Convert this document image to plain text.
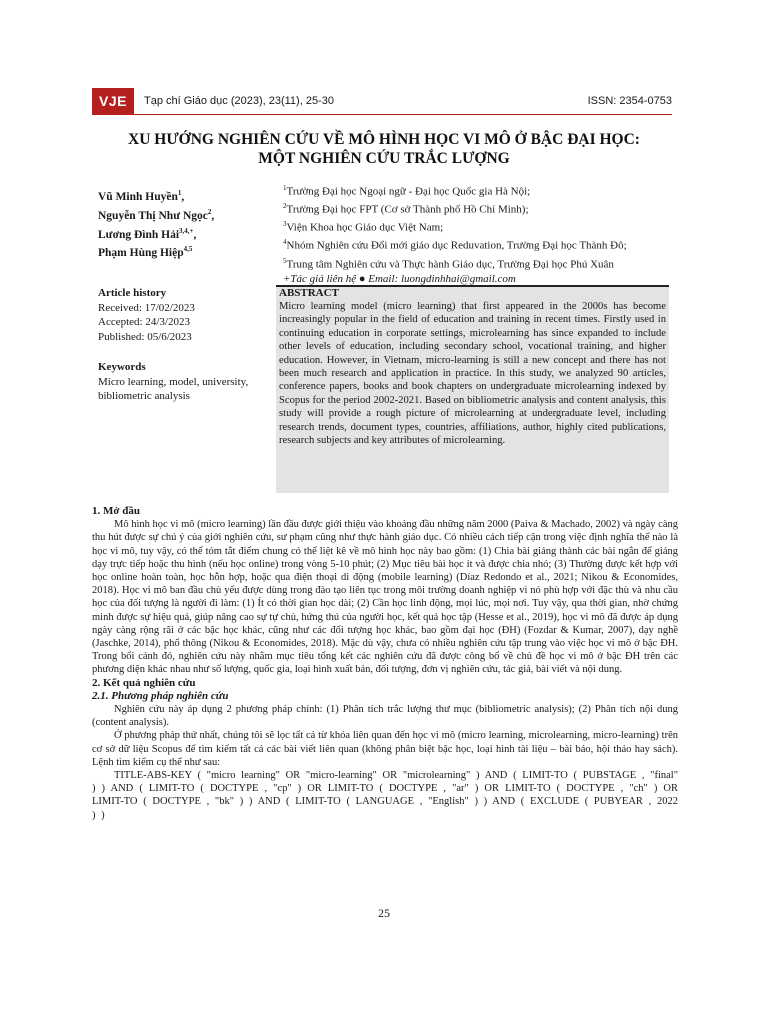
VJE	Tạp chí Giáo dục (2023), 23(11), 25-30	ISSN: 2354-0753
XU HƯỚNG NGHIÊN CỨU VỀ MÔ HÌNH HỌC VI MÔ Ở BẬC ĐẠI HỌC:
MỘT NGHIÊN CỨU TRẮC LƯỢNG
Vũ Minh Huyền$^1$,
Nguyễn Thị Như Ngọc$^2$,
Lương Đình Hải$^{3,4,+}$,
Phạm Hùng Hiệp$^{4,5}$
$^1$Trường Đại học Ngoại ngữ - Đại học Quốc gia Hà Nội;
$^2$Trường Đại học FPT (Cơ sở Thành phố Hồ Chí Minh);
$^3$Viện Khoa học Giáo dục Việt Nam;
$^4$Nhóm Nghiên cứu Đổi mới giáo dục Reduvation, Trường Đại học Thành Đô;
$^5$Trung tâm Nghiên cứu và Thực hành Giáo dục, Trường Đại học Phú Xuân
+Tác giả liên hệ ● Email: luongdinhhai@gmail.com
Article history
Received: 17/02/2023
Accepted: 24/3/2023
Published: 05/6/2023
Keywords
Micro learning, model, university, bibliometric analysis
ABSTRACT

Micro learning model (micro learning) that first appeared in the 2000s has become increasingly popular in the field of education and training in recent times. Firstly used in continuing education in corporate settings, microlearning has since expanded to include other levels of education, including secondary school, vocational training, and higher education. However, in Vietnam, micro-learning is still a new concept and there has not been much research and application in practice. In this study, we analyzed 90 articles, conference papers, books and book chapters on undergraduate microlearning indexed by Scopus for the period 2002-2021. Based on bibliometric analysis and content analysis, this study will provide a rough picture of microlearning at undergraduate level, including research trends, document types, countries, affiliations, author, highly cited publications, research subjects and key attributes of microlearning.

1. Mở đầu

Mô hình học vi mô (micro learning) lần đầu được giới thiệu vào khoảng đầu những năm 2000 (Paiva & Machado, 2002) và ngày càng thu hút được sự chú ý của giới nghiên cứu, sư phạm cũng như thực hành giáo dục. Có nhiều cách tiếp cận trong việc định nghĩa thế nào là học vi mô, tuy vậy, có thể tóm tắt điểm chung có thể liệt kê về mô hình học này bao gồm: (1) Chia bài giảng thành các bài ngắn để giảng dạy trực tiếp hoặc thu hình (nếu học online) trong vòng 5-10 phút; (2) Mục tiêu bài học ít và được chia nhỏ; (3) Thường được kết hợp với học online hoàn toàn, học hỗn hợp, hoặc qua điện thoại di động (mobile learning) (Díaz Redondo et al., 2021; Nikou & Economides, 2018). Học vi mô ban đầu chủ yếu được dùng trong đào tạo liên tục trong môi trường doanh nghiệp vì nó phù hợp với đặc thù và nhu cầu học của đối tượng là người đi làm: (1) Ít có thời gian học dài; (2) Cần học linh động, mọi lúc, mọi nơi. Tuy vậy, qua thời gian, nhờ chứng minh được sự hiệu quả, giúp nâng cao sự tự chủ, hứng thú của người học, kết quả học tập (Hesse et al., 2019), học vi mô đã được áp dụng ngày càng rộng rãi ở các bậc học khác, cũng như các đối tượng học khác, bao gồm đại học (ĐH) (Fozdar & Kumar, 2007), dạy nghề (Jaschke, 2014), phổ thông (Nikou & Economides, 2018). Mặc dù vậy, chưa có nhiều nghiên cứu tập trung vào việc học vi mô ở bậc ĐH. Trong bối cảnh đó, nghiên cứu này nhằm mục tiêu tổng kết các nghiên cứu đã được công bố về chủ đề học vi mô ở bậc ĐH trên các phương diện khác nhau như số lượng, quốc gia, loại hình xuất bản, đối tượng, đơn vị nghiên cứu, tác giả, bài viết và nội dung.

2. Kết quả nghiên cứu
2.1. Phương pháp nghiên cứu

Nghiên cứu này áp dụng 2 phương pháp chính: (1) Phân tích trắc lượng thư mục (bibliometric analysis); (2) Phân tích nội dung (content analysis).

Ở phương pháp thứ nhất, chúng tôi sẽ lọc tất cả từ khóa liên quan đến học vi mô (micro learning, microlearning, micro-learning) trên cơ sở dữ liệu Scopus để tìm kiếm tất cả các bài viết liên quan (không phân biệt bậc học, loại hình tài liệu – bài báo, hội thảo hay sách). Lệnh tìm kiếm cụ thể như sau:

TITLE-ABS-KEY ( "micro learning" OR "micro-learning" OR "microlearning" ) AND ( LIMIT-TO ( PUBSTAGE , "final" ) ) AND ( LIMIT-TO ( DOCTYPE , "cp" ) OR LIMIT-TO ( DOCTYPE , "ar" ) OR LIMIT-TO ( DOCTYPE , "ch" ) OR LIMIT-TO ( DOCTYPE , "bk" ) ) AND ( LIMIT-TO ( LANGUAGE , "English" ) ) AND ( EXCLUDE ( PUBYEAR , 2022 ) )

25
